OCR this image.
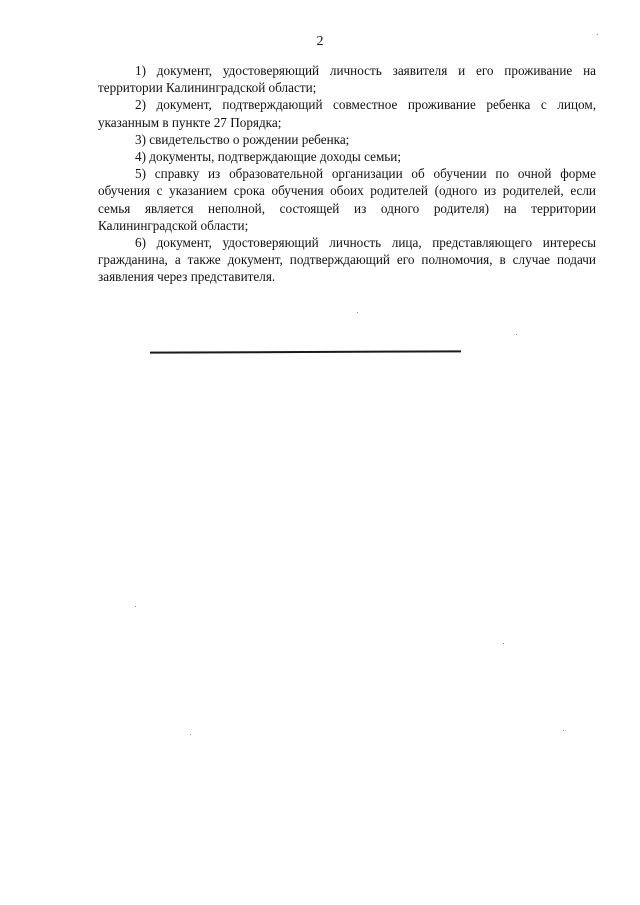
2

1) документ, удостоверяющий личность заявителя и его проживание на территории Калининградской области;

2) документ, подтверждающий совместное проживание ребенка с лицом, указанным в пункте 27 Порядка;

3) свидетельство о рождении ребенка;

4) документы, подтверждающие доходы семьи;

5) справку из образовательной организации об обучении по очной форме обучения с указанием срока обучения обоих родителей (одного из родителей, если семья является неполной, состоящей из одного родителя) на территории Калининградской области;

6) документ, удостоверяющий личность лица, представляющего интересы гражданина, а также документ, подтверждающий его полномочия, в случае подачи заявления через представителя.
